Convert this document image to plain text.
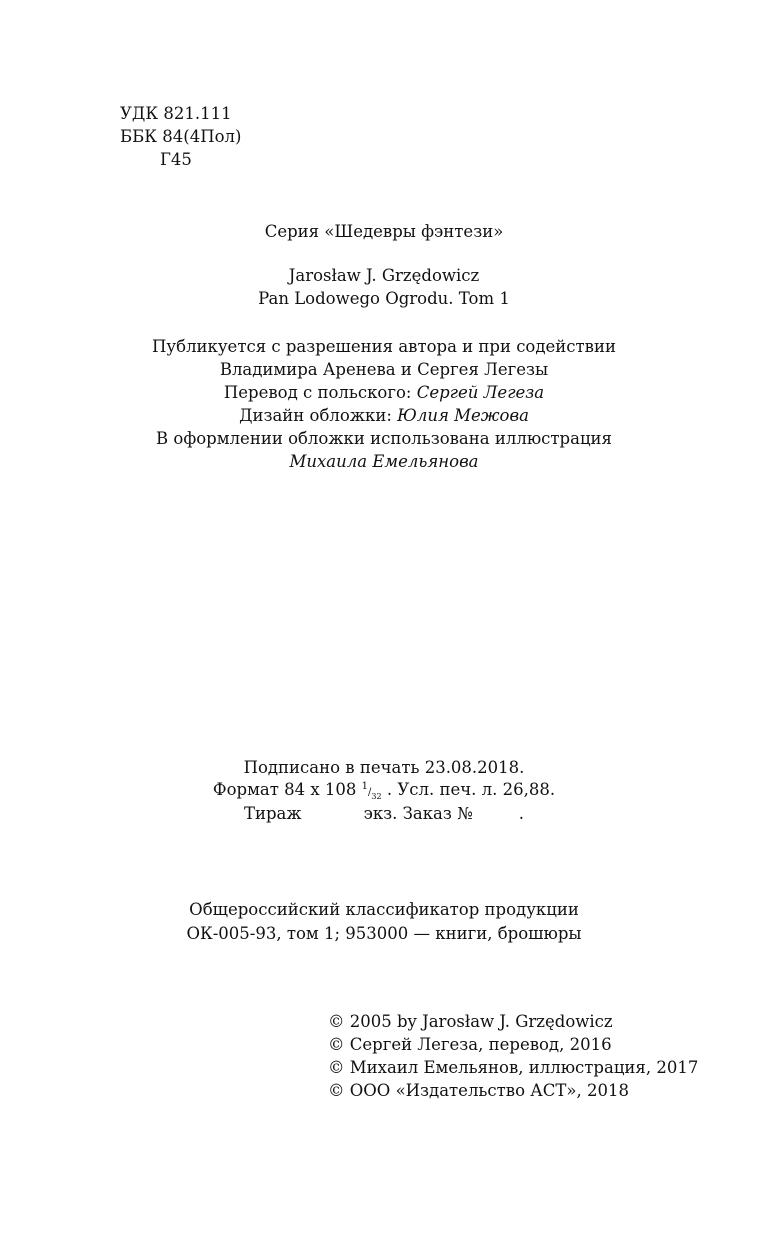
УДК 821.111
ББК 84(4Пол)
Г45
Серия «Шедевры фэнтези»
Jarosław J. Grzędowicz
Pan Lodowego Ogrodu. Tom 1
Публикуется с разрешения автора и при содействии
Владимира Аренева и Сергея Легезы
Перевод с польского: Сергей Легеза
Дизайн обложки: Юлия Межова
В оформлении обложки использована иллюстрация
Михаила Емельянова
Подписано в печать 23.08.2018.
Формат 84 x 108 $^1/_{32}$ . Усл. печ. л. 26,88.
Тираж	экз. Заказ №	.
Общероссийский классификатор продукции
ОК-005-93, том 1; 953000 — книги, брошюры
© 2005 by Jarosław J. Grzędowicz
© Сергей Легеза, перевод, 2016
© Михаил Емельянов, иллюстрация, 2017
© ООО «Издательство АСТ», 2018
